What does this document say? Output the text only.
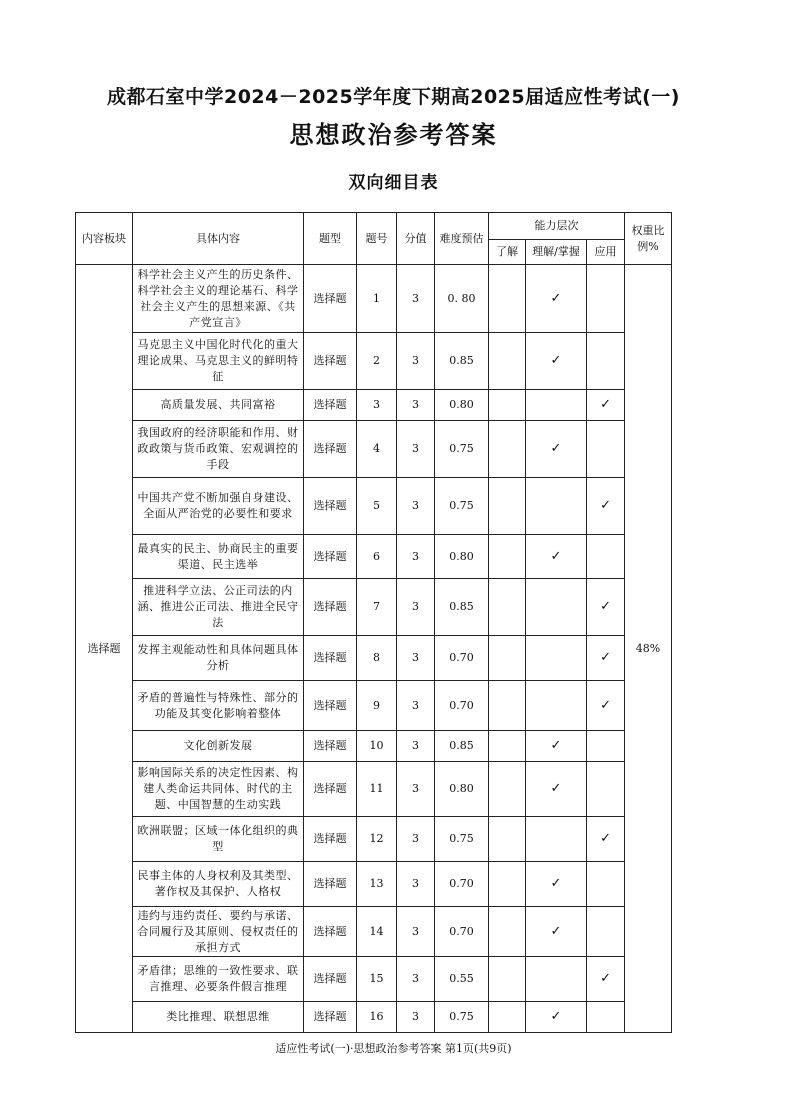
成都石室中学2024－2025学年度下期高2025届适应性考试(一)
思想政治参考答案
双向细目表
内容板块	具体内容	题型	题号	分值	难度预估	能力层次			权重比例%
						了解	理解/掌握	应用	
选择题	科学社会主义产生的历史条件、科学社会主义的理论基石、科学社会主义产生的思想来源、《共产党宣言》	选择题	1	3	0. 80		✓		48%
	马克思主义中国化时代化的重大理论成果、马克思主义的鲜明特征	选择题	2	3	0.85		✓		
	高质量发展、共同富裕	选择题	3	3	0.80			✓	
	我国政府的经济职能和作用、财政政策与货币政策、宏观调控的手段	选择题	4	3	0.75		✓		
	中国共产党不断加强自身建设、全面从严治党的必要性和要求	选择题	5	3	0.75			✓	
	最真实的民主、协商民主的重要渠道、民主选举	选择题	6	3	0.80		✓		
	推进科学立法、公正司法的内涵、推进公正司法、推进全民守法	选择题	7	3	0.85			✓	
	发挥主观能动性和具体问题具体分析	选择题	8	3	0.70			✓	
	矛盾的普遍性与特殊性、部分的功能及其变化影响着整体	选择题	9	3	0.70			✓	
	文化创新发展	选择题	10	3	0.85		✓		
	影响国际关系的决定性因素、构建人类命运共同体、时代的主题、中国智慧的生动实践	选择题	11	3	0.80		✓		
	欧洲联盟；区域一体化组织的典型	选择题	12	3	0.75			✓	
	民事主体的人身权利及其类型、著作权及其保护、人格权	选择题	13	3	0.70		✓		
	违约与违约责任、要约与承诺、合同履行及其原则、侵权责任的承担方式	选择题	14	3	0.70		✓		
	矛盾律；思维的一致性要求、联言推理、必要条件假言推理	选择题	15	3	0.55			✓	
	类比推理、联想思维	选择题	16	3	0.75		✓		
适应性考试(一)·思想政治参考答案 第1页(共9页)
